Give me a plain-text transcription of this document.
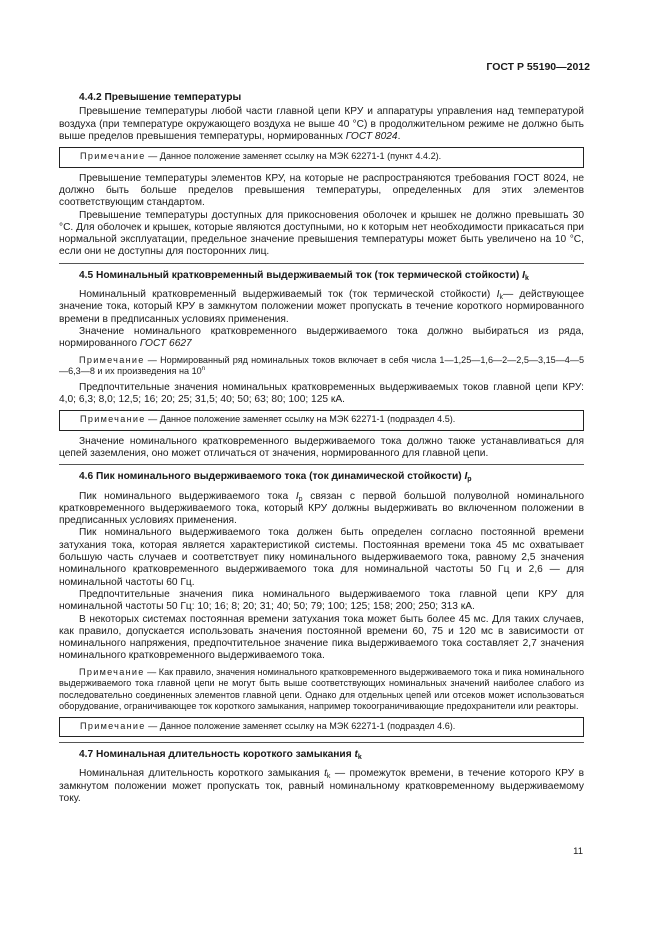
ГОСТ Р 55190—2012
4.4.2 Превышение температуры

Превышение температуры любой части главной цепи КРУ и аппаратуры управления над температурой воздуха (при температуре окружающего воздуха не выше 40 °С) в продолжительном режиме не должно быть выше пределов превышения температуры, нормированных ГОСТ 8024.

Примечание — Данное положение заменяет ссылку на МЭК 62271-1 (пункт 4.4.2).

Превышение температуры элементов КРУ, на которые не распространяются требования ГОСТ 8024, не должно быть больше пределов превышения температуры, определенных для этих элементов соответствующим стандартом.

Превышение температуры доступных для прикосновения оболочек и крышек не должно превышать 30 °С. Для оболочек и крышек, которые являются доступными, но к которым нет необходимости прикасаться при нормальной эксплуатации, предельное значение превышения температуры может быть увеличено на 10 °С, если они не доступны для посторонних лиц.

4.5 Номинальный кратковременный выдерживаемый ток (ток термической стойкости) $I_k$

Номинальный кратковременный выдерживаемый ток (ток термической стойкости) $I_k—$ действующее значение тока, который КРУ в замкнутом положении может пропускать в течение короткого нормированного времени в предписанных условиях применения.

Значение номинального кратковременного выдерживаемого тока должно выбираться из ряда, нормированного ГОСТ 6627

Примечание — Нормированный ряд номинальных токов включает в себя числа 1—1,25—1,6—2—2,5—3,15—4—5—6,3—8 и их произведения на 10$^n$

Предпочтительные значения номинальных кратковременных выдерживаемых токов главной цепи КРУ: 4,0; 6,3; 8,0; 12,5; 16; 20; 25; 31,5; 40; 50; 63; 80; 100; 125 кА.

Примечание — Данное положение заменяет ссылку на МЭК 62271-1 (подраздел 4.5).

Значение номинального кратковременного выдерживаемого тока должно также устанавливаться для цепей заземления, оно может отличаться от значения, нормированного для главной цепи.

4.6 Пик номинального выдерживаемого тока (ток динамической стойкости) $I_p$

Пик номинального выдерживаемого тока $I_p$ связан с первой большой полуволной номинального кратковременного выдерживаемого тока, который КРУ должны выдерживать во включенном положении в предписанных условиях применения.

Пик номинального выдерживаемого тока должен быть определен согласно постоянной времени затухания тока, которая является характеристикой системы. Постоянная времени тока 45 мс охватывает большую часть случаев и соответствует пику номинального выдерживаемого тока, равному 2,5 значения номинального кратковременного выдерживаемого тока для номинальной частоты 50 Гц и 2,6 — для номинальной частоты 60 Гц.

Предпочтительные значения пика номинального выдерживаемого тока главной цепи КРУ для номинальной частоты 50 Гц: 10; 16; 8; 20; 31; 40; 50; 79; 100; 125; 158; 200; 250; 313 кА.

В некоторых системах постоянная времени затухания тока может быть более 45 мс. Для таких случаев, как правило, допускается использовать значения постоянной времени 60, 75 и 120 мс в зависимости от номинального напряжения, предпочтительное значение пика выдерживаемого тока составляет 2,7 значения номинального кратковременного выдерживаемого тока.

Примечание — Как правило, значения номинального кратковременного выдерживаемого тока и пика номинального выдерживаемого тока главной цепи не могут быть выше соответствующих номинальных значений наиболее слабого из последовательно соединенных элементов главной цепи. Однако для отдельных цепей или отсеков может использоваться оборудование, ограничивающее ток короткого замыкания, например токоограничивающие предохранители или реакторы.
Примечание — Данное положение заменяет ссылку на МЭК 62271-1 (подраздел 4.6).
4.7 Номинальная длительность короткого замыкания $t_k$

Номинальная длительность короткого замыкания $t_k$ — промежуток времени, в течение которого КРУ в замкнутом положении может пропускать ток, равный номинальному кратковременному выдерживаемому току.

11
